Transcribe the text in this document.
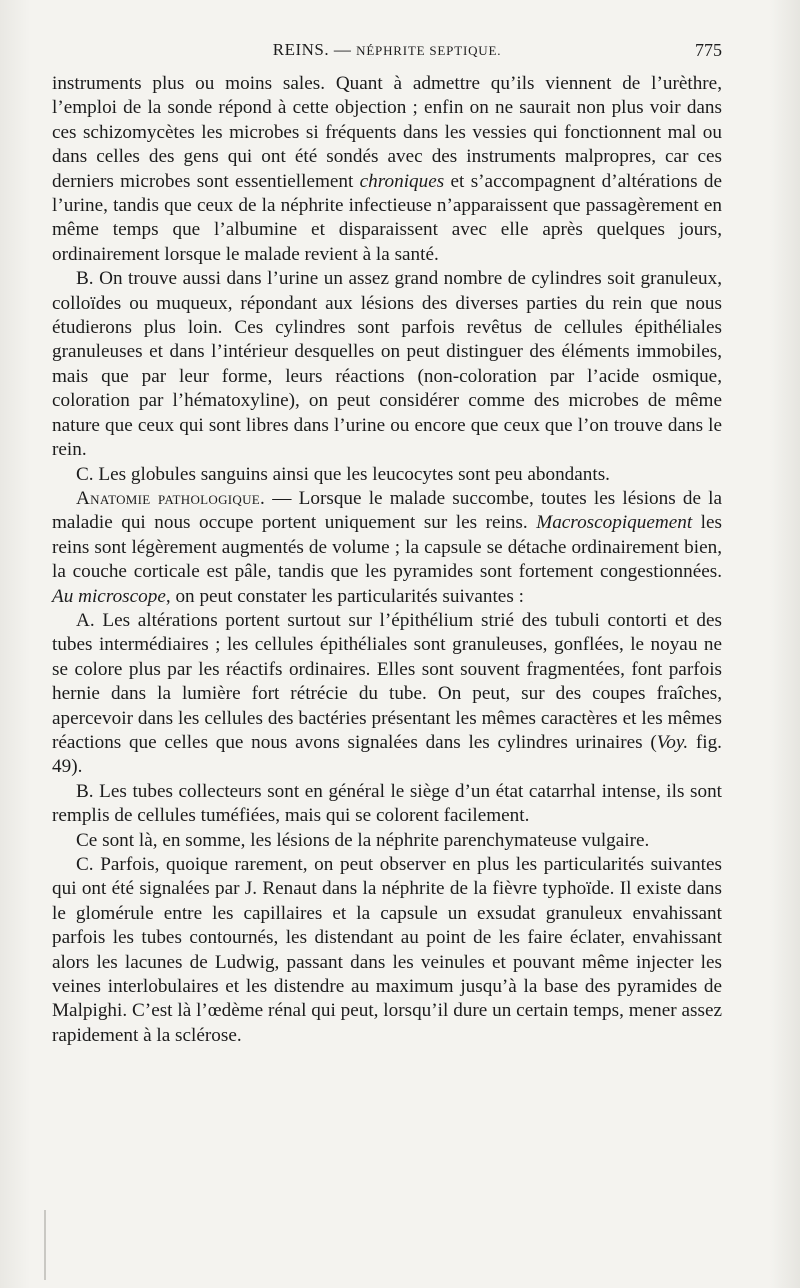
REINS. — NÉPHRITE SEPTIQUE.	775

instruments plus ou moins sales. Quant à admettre qu’ils viennent de l’urèthre, l’emploi de la sonde répond à cette objection ; enfin on ne saurait non plus voir dans ces schizomycètes les microbes si fréquents dans les vessies qui fonctionnent mal ou dans celles des gens qui ont été sondés avec des instruments malpropres, car ces derniers microbes sont essentiellement chroniques et s’accompagnent d’altérations de l’urine, tandis que ceux de la néphrite infectieuse n’apparaissent que passagèrement en même temps que l’albumine et disparaissent avec elle après quelques jours, ordinairement lorsque le malade revient à la santé.

B. On trouve aussi dans l’urine un assez grand nombre de cylindres soit granuleux, colloïdes ou muqueux, répondant aux lésions des diverses parties du rein que nous étudierons plus loin. Ces cylindres sont parfois revêtus de cellules épithéliales granuleuses et dans l’intérieur desquelles on peut distinguer des éléments immobiles, mais que par leur forme, leurs réactions (non-coloration par l’acide osmique, coloration par l’hématoxyline), on peut considérer comme des microbes de même nature que ceux qui sont libres dans l’urine ou encore que ceux que l’on trouve dans le rein.

C. Les globules sanguins ainsi que les leucocytes sont peu abondants.

Anatomie pathologique. — Lorsque le malade succombe, toutes les lésions de la maladie qui nous occupe portent uniquement sur les reins. Macroscopiquement les reins sont légèrement augmentés de volume ; la capsule se détache ordinairement bien, la couche corticale est pâle, tandis que les pyramides sont fortement congestionnées. Au microscope, on peut constater les particularités suivantes :

A. Les altérations portent surtout sur l’épithélium strié des tubuli contorti et des tubes intermédiaires ; les cellules épithéliales sont granuleuses, gonflées, le noyau ne se colore plus par les réactifs ordinaires. Elles sont souvent fragmentées, font parfois hernie dans la lumière fort rétrécie du tube. On peut, sur des coupes fraîches, apercevoir dans les cellules des bactéries présentant les mêmes caractères et les mêmes réactions que celles que nous avons signalées dans les cylindres urinaires (Voy. fig. 49).

B. Les tubes collecteurs sont en général le siège d’un état catarrhal intense, ils sont remplis de cellules tuméfiées, mais qui se colorent facilement.

Ce sont là, en somme, les lésions de la néphrite parenchymateuse vulgaire.

C. Parfois, quoique rarement, on peut observer en plus les particularités suivantes qui ont été signalées par J. Renaut dans la néphrite de la fièvre typhoïde. Il existe dans le glomérule entre les capillaires et la capsule un exsudat granuleux envahissant parfois les tubes contournés, les distendant au point de les faire éclater, envahissant alors les lacunes de Ludwig, passant dans les veinules et pouvant même injecter les veines interlobulaires et les distendre au maximum jusqu’à la base des pyramides de Malpighi. C’est là l’œdème rénal qui peut, lorsqu’il dure un certain temps, mener assez rapidement à la sclérose.
